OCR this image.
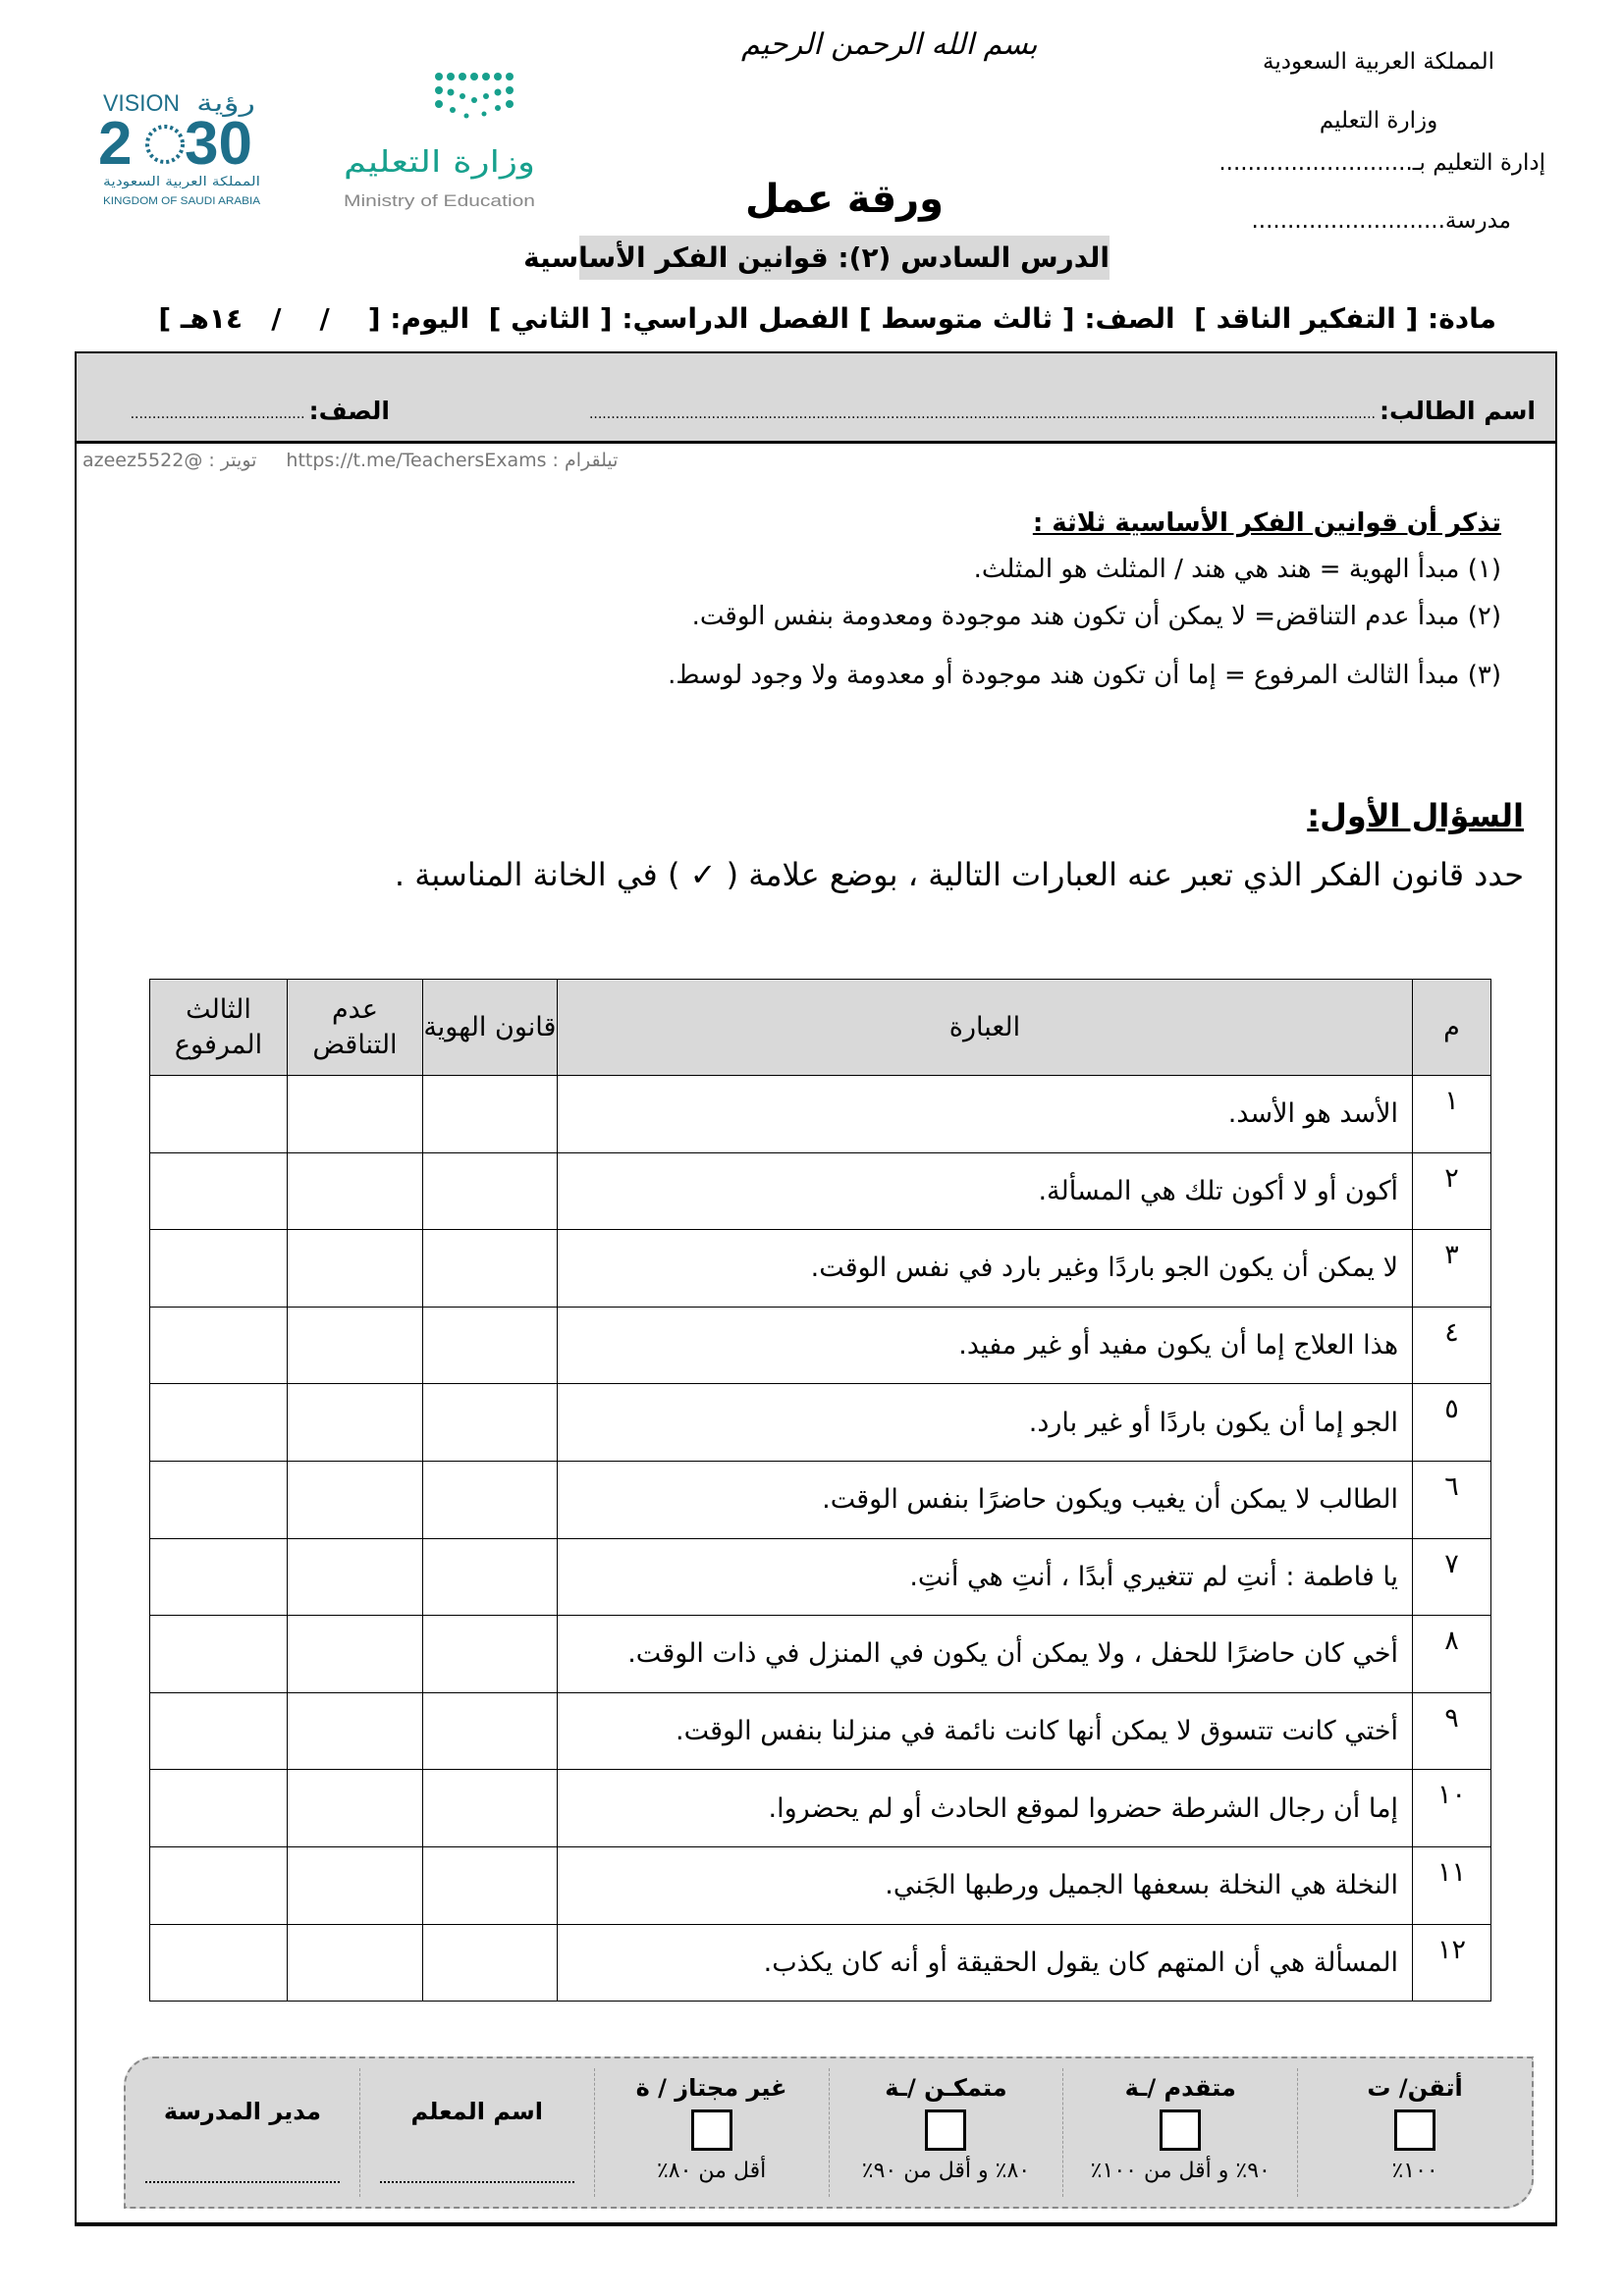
المملكة العربية السعودية
وزارة التعليم
إدارة التعليم بـ...........................
مدرسة...........................
بسم الله الرحمن الرحيم
VISION رؤية
2 30
المملكة العربية السعودية
KINGDOM OF SAUDI ARABIA
وزارة التعليم
Ministry of Education	ورقة عمل
الدرس السادس (٢): قوانين الفكر الأساسية
مادة: [ التفكير الناقد ]  الصف: [ ثالث متوسط ] الفصل الدراسي: [ الثاني ]  اليوم: [    /    /   ١٤هـ ]
اسم الطالب:
....................................................................................................................................................................................
الصف:
........................................
تيلقرام : https://t.me/TeachersExams
تويتر : @azeez5522
تذكر أن قوانين الفكر الأساسية ثلاثة :
(١) مبدأ الهوية = هند هي هند / المثلث هو المثلث.
(٢) مبدأ عدم التناقض= لا يمكن أن تكون هند موجودة ومعدومة بنفس الوقت.
(٣) مبدأ الثالث المرفوع = إما أن تكون هند موجودة أو معدومة ولا وجود لوسط.
السؤال الأول:
حدد قانون الفكر الذي تعبر عنه العبارات التالية ، بوضع علامة ( ✓ ) في الخانة المناسبة .
م	العبارة	قانون الهوية	عدم التناقض	الثالث المرفوع
١	الأسد هو الأسد.			
٢	أكون أو لا أكون تلك هي المسألة.			
٣	لا يمكن أن يكون الجو باردًا وغير بارد في نفس الوقت.			
٤	هذا العلاج إما أن يكون مفيد أو غير مفيد.			
٥	الجو إما أن يكون باردًا أو غير بارد.			
٦	الطالب لا يمكن أن يغيب ويكون حاضرًا بنفس الوقت.			
٧	يا فاطمة : أنتِ لم تتغيري أبدًا ، أنتِ هي أنتِ.			
٨	أخي كان حاضرًا للحفل ، ولا يمكن أن يكون في المنزل في ذات الوقت.			
٩	أختي كانت تتسوق لا يمكن أنها كانت نائمة في منزلنا بنفس الوقت.			
١٠	إما أن رجال الشرطة حضروا لموقع الحادث أو لم يحضروا.			
١١	النخلة هي النخلة بسعفها الجميل ورطبها الجَني.			
١٢	المسألة هي أن المتهم كان يقول الحقيقة أو أنه كان يكذب.			
أتقن/ ت
١٠٠٪
متقدم /ـة
٩٠٪ و أقل من ١٠٠٪
متمكـن /ـة
٨٠٪ و أقل من ٩٠٪
غير مجتاز / ة
أقل من ٨٠٪
اسم المعلم
مدير المدرسة
